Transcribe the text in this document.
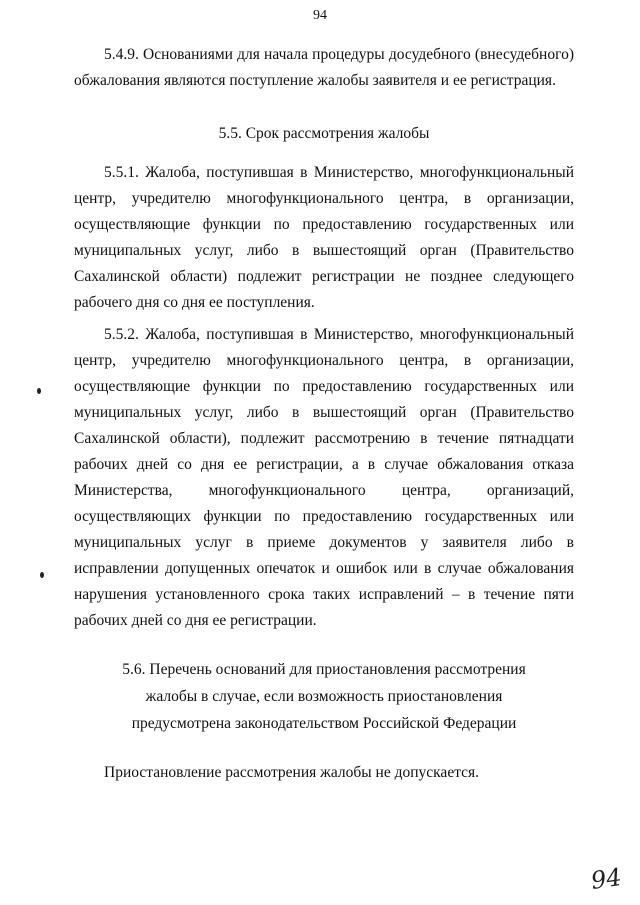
94

5.4.9. Основаниями для начала процедуры досудебного (внесудебного) обжалования являются поступление жалобы заявителя и ее регистрация.

5.5. Срок рассмотрения жалобы

5.5.1. Жалоба, поступившая в Министерство, многофункциональный центр, учредителю многофункционального центра, в организации, осуществляющие функции по предоставлению государственных или муниципальных услуг, либо в вышестоящий орган (Правительство Сахалинской области) подлежит регистрации не позднее следующего рабочего дня со дня ее поступления.

5.5.2. Жалоба, поступившая в Министерство, многофункциональный центр, учредителю многофункционального центра, в организации, осуществляющие функции по предоставлению государственных или муниципальных услуг, либо в вышестоящий орган (Правительство Сахалинской области), подлежит рассмотрению в течение пятнадцати рабочих дней со дня ее регистрации, а в случае обжалования отказа Министерства, многофункционального центра, организаций, осуществляющих функции по предоставлению государственных или муниципальных услуг в приеме документов у заявителя либо в исправлении допущенных опечаток и ошибок или в случае обжалования нарушения установленного срока таких исправлений – в течение пяти рабочих дней со дня ее регистрации.

5.6. Перечень оснований для приостановления рассмотрения
жалобы в случае, если возможность приостановления
предусмотрена законодательством Российской Федерации

Приостановление рассмотрения жалобы не допускается.

94
